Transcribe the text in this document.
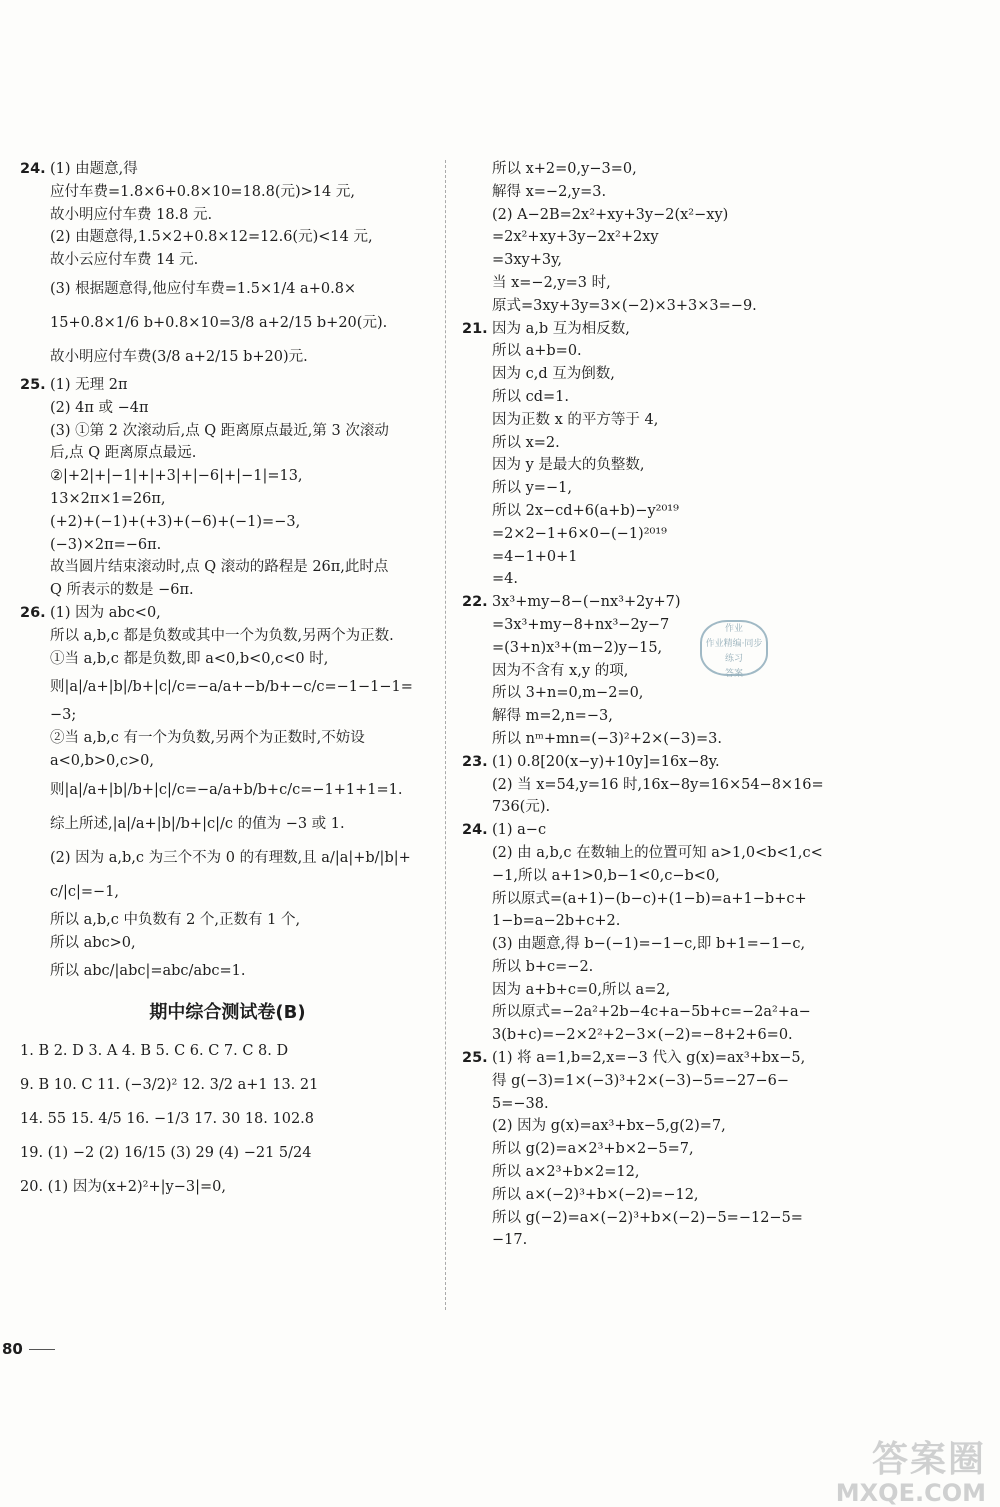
24. (1) 由题意,得
应付车费=1.8×6+0.8×10=18.8(元)>14 元,
故小明应付车费 18.8 元.
(2) 由题意得,1.5×2+0.8×12=12.6(元)<14 元,
故小云应付车费 14 元.
(3) 根据题意得,他应付车费=1.5×1/4 a+0.8×
15+0.8×1/6 b+0.8×10=3/8 a+2/15 b+20(元).
故小明应付车费(3/8 a+2/15 b+20)元.
25. (1) 无理 2π
(2) 4π 或 −4π
(3) ①第 2 次滚动后,点 Q 距离原点最近,第 3 次滚动
后,点 Q 距离原点最远.
②|+2|+|−1|+|+3|+|−6|+|−1|=13,
13×2π×1=26π,
(+2)+(−1)+(+3)+(−6)+(−1)=−3,
(−3)×2π=−6π.
故当圆片结束滚动时,点 Q 滚动的路程是 26π,此时点
Q 所表示的数是 −6π.
26. (1) 因为 abc<0,
所以 a,b,c 都是负数或其中一个为负数,另两个为正数.
①当 a,b,c 都是负数,即 a<0,b<0,c<0 时,
则|a|/a+|b|/b+|c|/c=−a/a+−b/b+−c/c=−1−1−1=
−3;
②当 a,b,c 有一个为负数,另两个为正数时,不妨设
a<0,b>0,c>0,
则|a|/a+|b|/b+|c|/c=−a/a+b/b+c/c=−1+1+1=1.
综上所述,|a|/a+|b|/b+|c|/c 的值为 −3 或 1.
(2) 因为 a,b,c 为三个不为 0 的有理数,且 a/|a|+b/|b|+
c/|c|=−1,
所以 a,b,c 中负数有 2 个,正数有 1 个,
所以 abc>0,
所以 abc/|abc|=abc/abc=1.
期中综合测试卷(B)
1. B 2. D 3. A 4. B 5. C 6. C 7. C 8. D
9. B 10. C 11. (−3/2)² 12. 3/2 a+1 13. 21
14. 55 15. 4/5 16. −1/3 17. 30 18. 102.8
19. (1) −2 (2) 16/15 (3) 29 (4) −21 5/24
20. (1) 因为(x+2)²+|y−3|=0,
所以 x+2=0,y−3=0,
解得 x=−2,y=3.
(2) A−2B=2x²+xy+3y−2(x²−xy)
=2x²+xy+3y−2x²+2xy
=3xy+3y,
当 x=−2,y=3 时,
原式=3xy+3y=3×(−2)×3+3×3=−9.
21. 因为 a,b 互为相反数,
所以 a+b=0.
因为 c,d 互为倒数,
所以 cd=1.
因为正数 x 的平方等于 4,
所以 x=2.
因为 y 是最大的负整数,
所以 y=−1,
所以 2x−cd+6(a+b)−y²⁰¹⁹
=2×2−1+6×0−(−1)²⁰¹⁹
=4−1+0+1
=4.
22. 3x³+my−8−(−nx³+2y+7)
=3x³+my−8+nx³−2y−7
=(3+n)x³+(m−2)y−15,
因为不含有 x,y 的项,
所以 3+n=0,m−2=0,
解得 m=2,n=−3,
所以 nᵐ+mn=(−3)²+2×(−3)=3.
23. (1) 0.8[20(x−y)+10y]=16x−8y.
(2) 当 x=54,y=16 时,16x−8y=16×54−8×16=
736(元).
24. (1) a−c
(2) 由 a,b,c 在数轴上的位置可知 a>1,0<b<1,c<
−1,所以 a+1>0,b−1<0,c−b<0,
所以原式=(a+1)−(b−c)+(1−b)=a+1−b+c+
1−b=a−2b+c+2.
(3) 由题意,得 b−(−1)=−1−c,即 b+1=−1−c,
所以 b+c=−2.
因为 a+b+c=0,所以 a=2,
所以原式=−2a²+2b−4c+a−5b+c=−2a²+a−
3(b+c)=−2×2²+2−3×(−2)=−8+2+6=0.
25. (1) 将 a=1,b=2,x=−3 代入 g(x)=ax³+bx−5,
得 g(−3)=1×(−3)³+2×(−3)−5=−27−6−
5=−38.
(2) 因为 g(x)=ax³+bx−5,g(2)=7,
所以 g(2)=a×2³+b×2−5=7,
所以 a×2³+b×2=12,
所以 a×(−2)³+b×(−2)=−12,
所以 g(−2)=a×(−2)³+b×(−2)−5=−12−5=
−17.
作业
作业精编·同步练习
答案
80
答案圈
MXQE.COM
